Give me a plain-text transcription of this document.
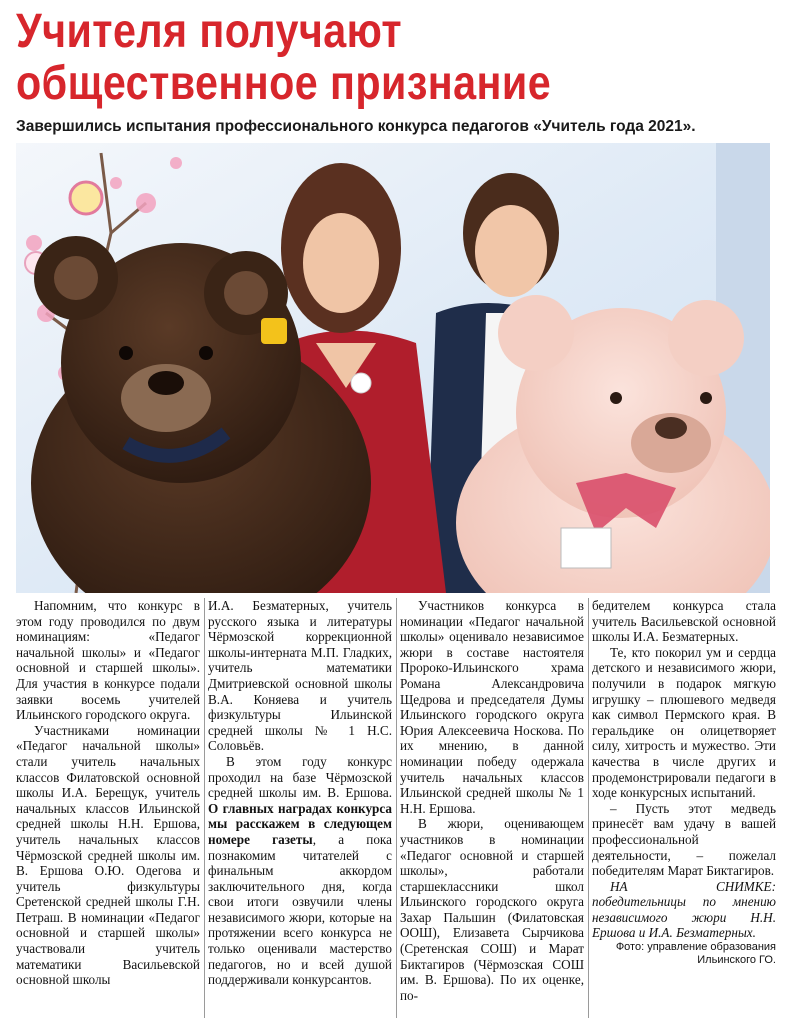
Учителя получают общественное признание

Завершились испытания профессионального конкурса педагогов «Учитель года 2021».

Напомним, что конкурс в этом году проводился по двум номинациям: «Педагог начальной школы» и «Педагог основной и старшей школы». Для участия в конкурсе подали заявки восемь учителей Ильинского городского округа.

Участниками номинации «Педагог начальной школы» стали учитель начальных классов Филатовской основной школы И.А. Берещук, учитель начальных классов Ильинской средней школы Н.Н. Ершова, учитель начальных классов Чёрмозской средней школы им. В. Ершова О.Ю. Одегова и учитель физкультуры Сретенской средней школы Г.Н. Петраш. В номинации «Педагог основной и старшей школы» участвовали учитель математики Васильевской основной школы

И.А. Безматерных, учитель русского языка и литературы Чёрмозской коррекционной школы-интерната М.П. Гладких, учитель математики Дмитриевской основной школы В.А. Коняева и учитель физкультуры Ильинской средней школы № 1 Н.С. Соловьёв.

В этом году конкурс проходил на базе Чёрмозской средней школы им. В. Ершова. О главных наградах конкурса мы расскажем в следующем номере газеты, а пока познакомим читателей с финальным аккордом заключительного дня, когда свои итоги озвучили члены независимого жюри, которые на протяжении всего конкурса не только оценивали мастерство педагогов, но и всей душой поддерживали конкурсантов.

Участников конкурса в номинации «Педагог начальной школы» оценивало независимое жюри в составе настоятеля Пророко-Ильинского храма Романа Александровича Щедрова и председателя Думы Ильинского городского округа Юрия Алексеевича Носкова. По их мнению, в данной номинации победу одержала учитель начальных классов Ильинской средней школы № 1 Н.Н. Ершова.

В жюри, оценивающем участников в номинации «Педагог основной и старшей школы», работали старшеклассники школ Ильинского городского округа Захар Пальшин (Филатовская ООШ), Елизавета Сырчикова (Сретенская СОШ) и Марат Биктагиров (Чёрмозская СОШ им. В. Ершова). По их оценке, по-

бедителем конкурса стала учитель Васильевской основной школы И.А. Безматерных.

Те, кто покорил ум и сердца детского и независимого жюри, получили в подарок мягкую игрушку – плюшевого медведя как символ Пермского края. В геральдике он олицетворяет силу, хитрость и мужество. Эти качества в числе других и продемонстрировали педагоги в ходе конкурсных испытаний.

– Пусть этот медведь принесёт вам удачу в вашей профессиональной деятельности, – пожелал победителям Марат Биктагиров.

НА СНИМКЕ: победительницы по мнению независимого жюри Н.Н. Ершова и И.А. Безматерных.

Фото: управление образования Ильинского ГО.
